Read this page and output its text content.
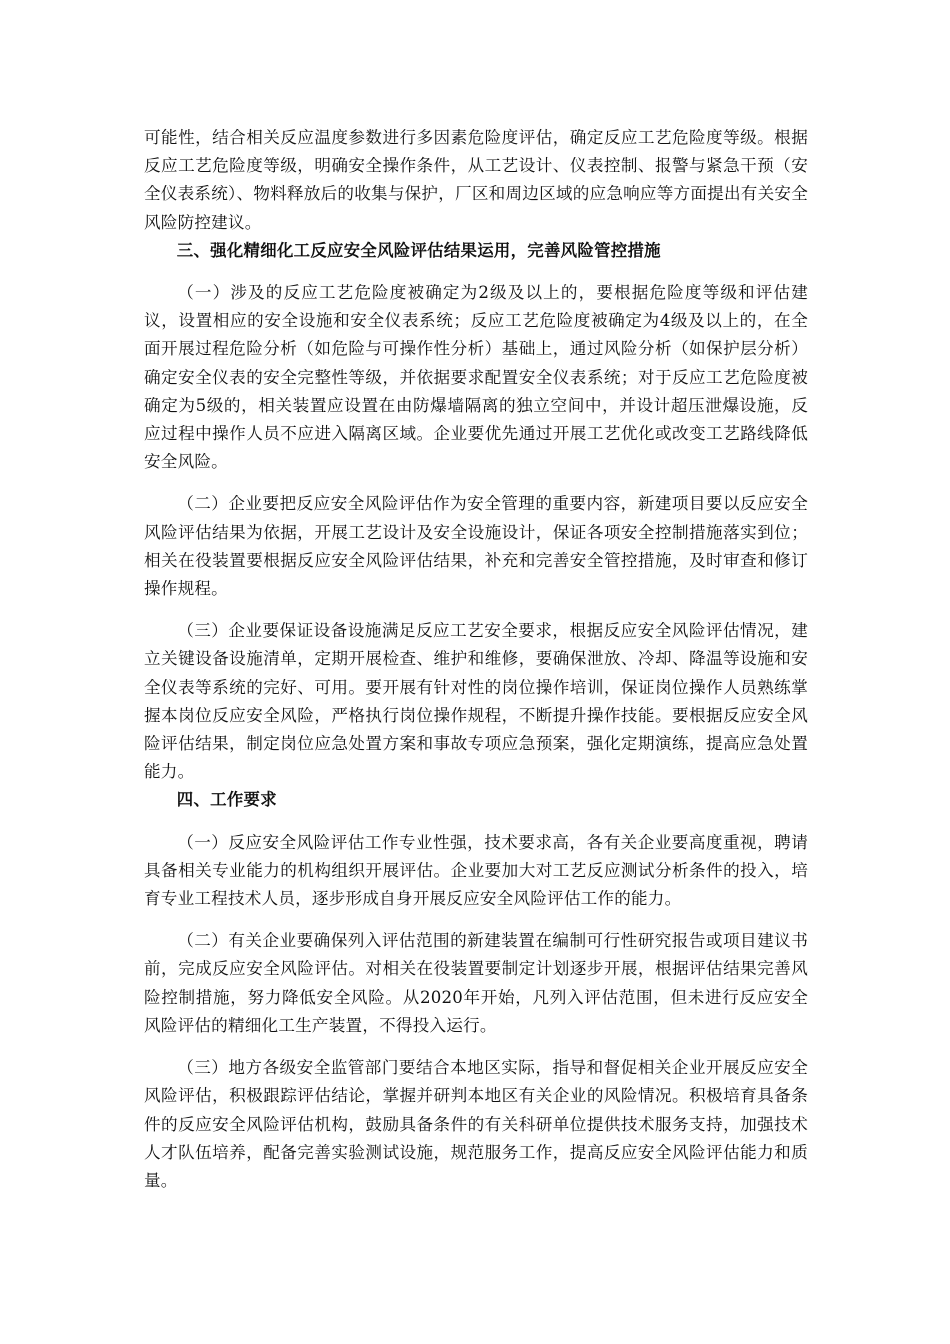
可能性，结合相关反应温度参数进行多因素危险度评估，确定反应工艺危险度等级。根据反应工艺危险度等级，明确安全操作条件，从工艺设计、仪表控制、报警与紧急干预（安全仪表系统）、物料释放后的收集与保护，厂区和周边区域的应急响应等方面提出有关安全风险防控建议。

三、强化精细化工反应安全风险评估结果运用，完善风险管控措施

（一）涉及的反应工艺危险度被确定为2级及以上的，要根据危险度等级和评估建议，设置相应的安全设施和安全仪表系统；反应工艺危险度被确定为4级及以上的，在全面开展过程危险分析（如危险与可操作性分析）基础上，通过风险分析（如保护层分析）确定安全仪表的安全完整性等级，并依据要求配置安全仪表系统；对于反应工艺危险度被确定为5级的，相关装置应设置在由防爆墙隔离的独立空间中，并设计超压泄爆设施，反应过程中操作人员不应进入隔离区域。企业要优先通过开展工艺优化或改变工艺路线降低安全风险。

（二）企业要把反应安全风险评估作为安全管理的重要内容，新建项目要以反应安全风险评估结果为依据，开展工艺设计及安全设施设计，保证各项安全控制措施落实到位；相关在役装置要根据反应安全风险评估结果，补充和完善安全管控措施，及时审查和修订操作规程。

（三）企业要保证设备设施满足反应工艺安全要求，根据反应安全风险评估情况，建立关键设备设施清单，定期开展检查、维护和维修，要确保泄放、冷却、降温等设施和安全仪表等系统的完好、可用。要开展有针对性的岗位操作培训，保证岗位操作人员熟练掌握本岗位反应安全风险，严格执行岗位操作规程，不断提升操作技能。要根据反应安全风险评估结果，制定岗位应急处置方案和事故专项应急预案，强化定期演练，提高应急处置能力。

四、工作要求

（一）反应安全风险评估工作专业性强，技术要求高，各有关企业要高度重视，聘请具备相关专业能力的机构组织开展评估。企业要加大对工艺反应测试分析条件的投入，培育专业工程技术人员，逐步形成自身开展反应安全风险评估工作的能力。

（二）有关企业要确保列入评估范围的新建装置在编制可行性研究报告或项目建议书前，完成反应安全风险评估。对相关在役装置要制定计划逐步开展，根据评估结果完善风险控制措施，努力降低安全风险。从2020年开始，凡列入评估范围，但未进行反应安全风险评估的精细化工生产装置，不得投入运行。

（三）地方各级安全监管部门要结合本地区实际，指导和督促相关企业开展反应安全风险评估，积极跟踪评估结论，掌握并研判本地区有关企业的风险情况。积极培育具备条件的反应安全风险评估机构，鼓励具备条件的有关科研单位提供技术服务支持，加强技术人才队伍培养，配备完善实验测试设施，规范服务工作，提高反应安全风险评估能力和质量。
